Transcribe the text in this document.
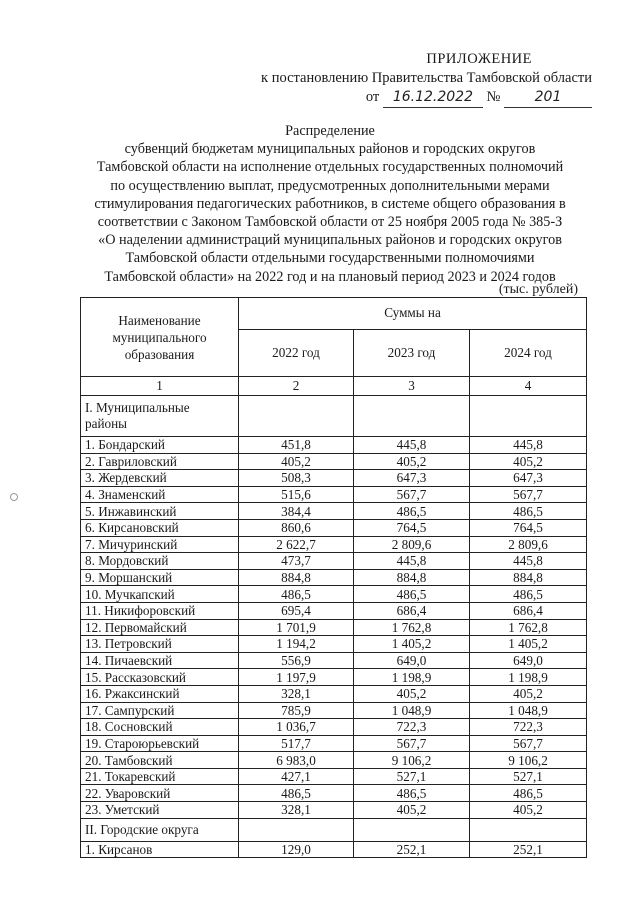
ПРИЛОЖЕНИЕ
к постановлению Правительства Тамбовской области
от 16.12.2022 № 201
Распределение
субвенций бюджетам муниципальных районов и городских округов
Тамбовской области на исполнение отдельных государственных полномочий
по осуществлению выплат, предусмотренных дополнительными мерами
стимулирования педагогических работников, в системе общего образования в
соответствии с Законом Тамбовской области от 25 ноября 2005 года № 385-З
«О наделении администраций муниципальных районов и городских округов
Тамбовской области отдельными государственными полномочиями
Тамбовской области» на 2022 год и на плановый период 2023 и 2024 годов
(тыс. рублей)
Наименование муниципального образования	Суммы на		
	2022 год	2023 год	2024 год
1	2	3	4
I. Муниципальные районы			
1. Бондарский	451,8	445,8	445,8
2. Гавриловский	405,2	405,2	405,2
3. Жердевский	508,3	647,3	647,3
4. Знаменский	515,6	567,7	567,7
5. Инжавинский	384,4	486,5	486,5
6. Кирсановский	860,6	764,5	764,5
7. Мичуринский	2 622,7	2 809,6	2 809,6
8. Мордовский	473,7	445,8	445,8
9. Моршанский	884,8	884,8	884,8
10. Мучкапский	486,5	486,5	486,5
11. Никифоровский	695,4	686,4	686,4
12. Первомайский	1 701,9	1 762,8	1 762,8
13. Петровский	1 194,2	1 405,2	1 405,2
14. Пичаевский	556,9	649,0	649,0
15. Рассказовский	1 197,9	1 198,9	1 198,9
16. Ржаксинский	328,1	405,2	405,2
17. Сампурский	785,9	1 048,9	1 048,9
18. Сосновский	1 036,7	722,3	722,3
19. Староюрьевский	517,7	567,7	567,7
20. Тамбовский	6 983,0	9 106,2	9 106,2
21. Токаревский	427,1	527,1	527,1
22. Уваровский	486,5	486,5	486,5
23. Уметский	328,1	405,2	405,2
II. Городские округа			
1. Кирсанов	129,0	252,1	252,1
